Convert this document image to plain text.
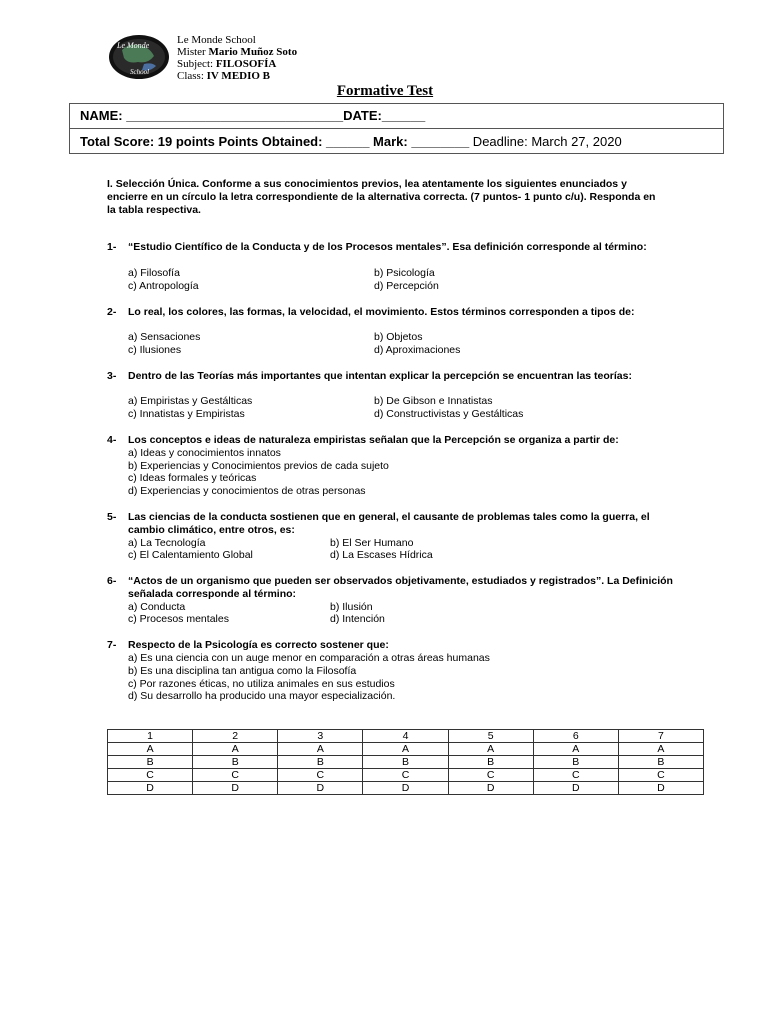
Le Monde
School
Le Monde School
Mister Mario Muñoz Soto
Subject: FILOSOFÍA
Class: IV MEDIO B
Formative Test
NAME: ______________________________DATE:______
Total Score: 19 points Points Obtained: ______ Mark: ________ Deadline: March 27, 2020
I. Selección Única. Conforme a sus conocimientos previos, lea atentamente los siguientes enunciados y encierre en un círculo la letra correspondiente de la alternativa correcta. (7 puntos- 1 punto c/u). Responda en la tabla respectiva.
1- “Estudio Científico de la Conducta y de los Procesos mentales”. Esa definición corresponde al término:
a) Filosofía	b) Psicología
c) Antropología	d) Percepción
2- Lo real, los colores, las formas, la velocidad, el movimiento. Estos términos corresponden a tipos de:
a) Sensaciones	b) Objetos
c) Ilusiones	d) Aproximaciones
3- Dentro de las Teorías más importantes que intentan explicar la percepción se encuentran las teorías:
a) Empiristas y Gestálticas	b) De Gibson e Innatistas
c) Innatistas y Empiristas	d) Constructivistas y Gestálticas
4- Los conceptos e ideas de naturaleza empiristas señalan que la Percepción se organiza a partir de:
a) Ideas y conocimientos innatos
b) Experiencias y Conocimientos previos de cada sujeto
c) Ideas formales y teóricas
d) Experiencias y conocimientos de otras personas
5- Las ciencias de la conducta sostienen que en general, el causante de problemas tales como la guerra, el cambio climático, entre otros, es:
a) La Tecnología	b) El Ser Humano
c) El Calentamiento Global	d) La Escases Hídrica
6- “Actos de un organismo que pueden ser observados objetivamente, estudiados y registrados”. La Definición señalada corresponde al término:
a) Conducta	b) Ilusión
c) Procesos mentales	d) Intención
7- Respecto de la Psicología es correcto sostener que:
a) Es una ciencia con un auge menor en comparación a otras áreas humanas
b) Es una disciplina tan antigua como la Filosofía
c) Por razones éticas, no utiliza animales en sus estudios
d) Su desarrollo ha producido una mayor especialización.
1	2	3	4	5	6	7
A	A	A	A	A	A	A
B	B	B	B	B	B	B
C	C	C	C	C	C	C
D	D	D	D	D	D	D
